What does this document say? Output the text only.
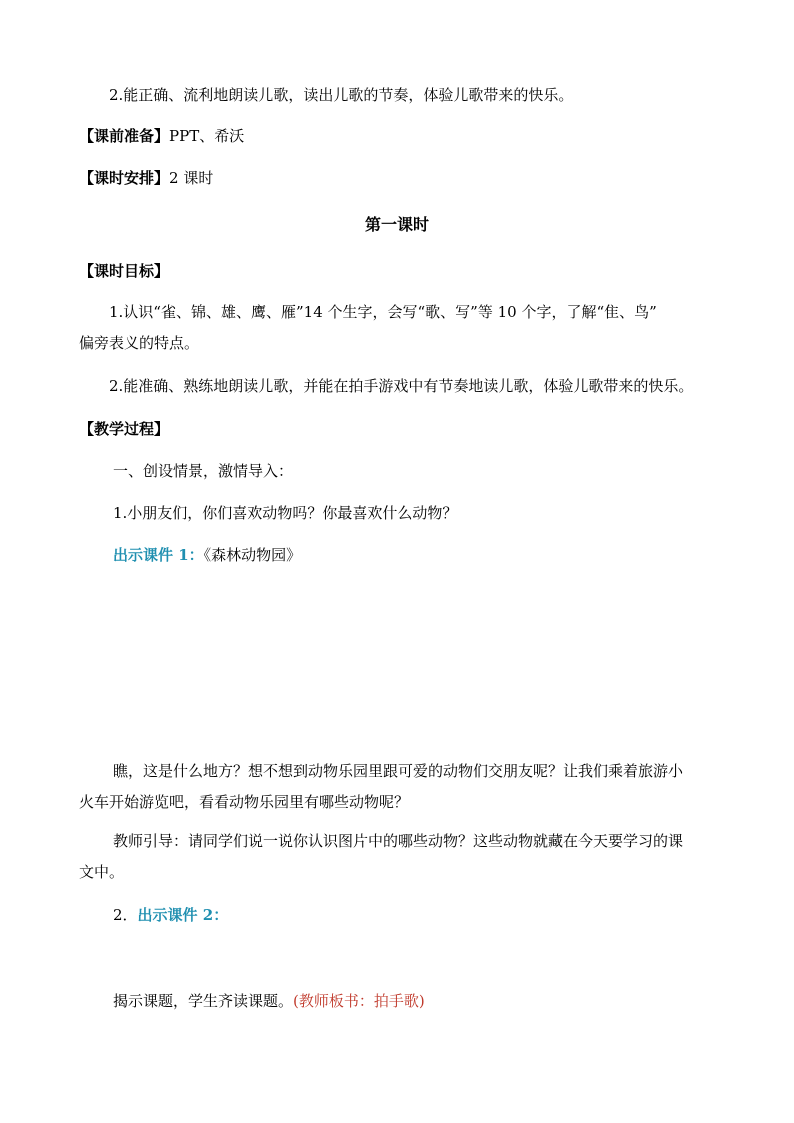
2.能正确、流利地朗读儿歌，读出儿歌的节奏，体验儿歌带来的快乐。
【课前准备】PPT、希沃
【课时安排】2 课时
第一课时
【课时目标】
1.认识“雀、锦、雄、鹰、雁”14 个生字，会写“歌、写”等 10 个字，了解“隹、鸟”
偏旁表义的特点。
2.能准确、熟练地朗读儿歌，并能在拍手游戏中有节奏地读儿歌，体验儿歌带来的快乐。
【教学过程】
一、创设情景，激情导入：
1.小朋友们，你们喜欢动物吗？你最喜欢什么动物？
出示课件 1：《森林动物园》
瞧，这是什么地方？想不想到动物乐园里跟可爱的动物们交朋友呢？让我们乘着旅游小
火车开始游览吧，看看动物乐园里有哪些动物呢？
教师引导：请同学们说一说你认识图片中的哪些动物？这些动物就藏在今天要学习的课
文中。
2．出示课件 2：
揭示课题，学生齐读课题。(教师板书：拍手歌)
